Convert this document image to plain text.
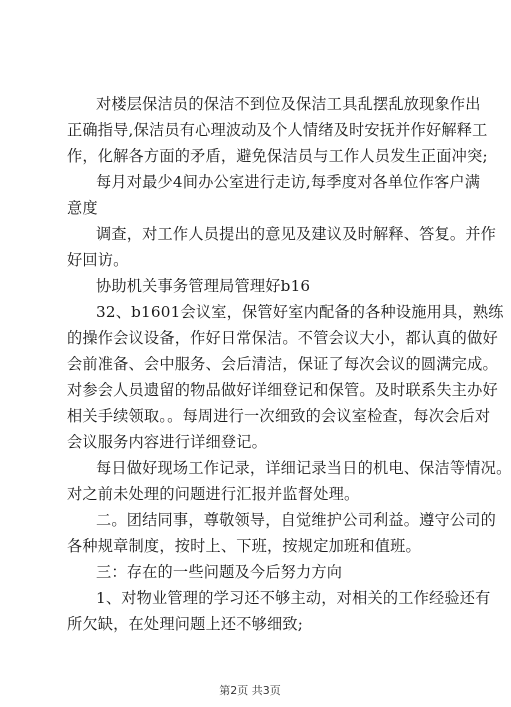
对楼层保洁员的保洁不到位及保洁工具乱摆乱放现象作出
正确指导,保洁员有心理波动及个人情绪及时安抚并作好解释工
作，化解各方面的矛盾，避免保洁员与工作人员发生正面冲突;
每月对最少4间办公室进行走访,每季度对各单位作客户满
意度
调查，对工作人员提出的意见及建议及时解释、答复。并作
好回访。
协助机关事务管理局管理好b16
32、b1601会议室，保管好室内配备的各种设施用具，熟练
的操作会议设备，作好日常保洁。不管会议大小，都认真的做好
会前准备、会中服务、会后清洁，保证了每次会议的圆满完成。
对参会人员遗留的物品做好详细登记和保管。及时联系失主办好
相关手续领取。。每周进行一次细致的会议室检查，每次会后对
会议服务内容进行详细登记。
每日做好现场工作记录，详细记录当日的机电、保洁等情况。
对之前未处理的问题进行汇报并监督处理。
二。团结同事，尊敬领导，自觉维护公司利益。遵守公司的
各种规章制度，按时上、下班，按规定加班和值班。
三：存在的一些问题及今后努力方向
1、对物业管理的学习还不够主动，对相关的工作经验还有
所欠缺，在处理问题上还不够细致;
第2页 共3页
